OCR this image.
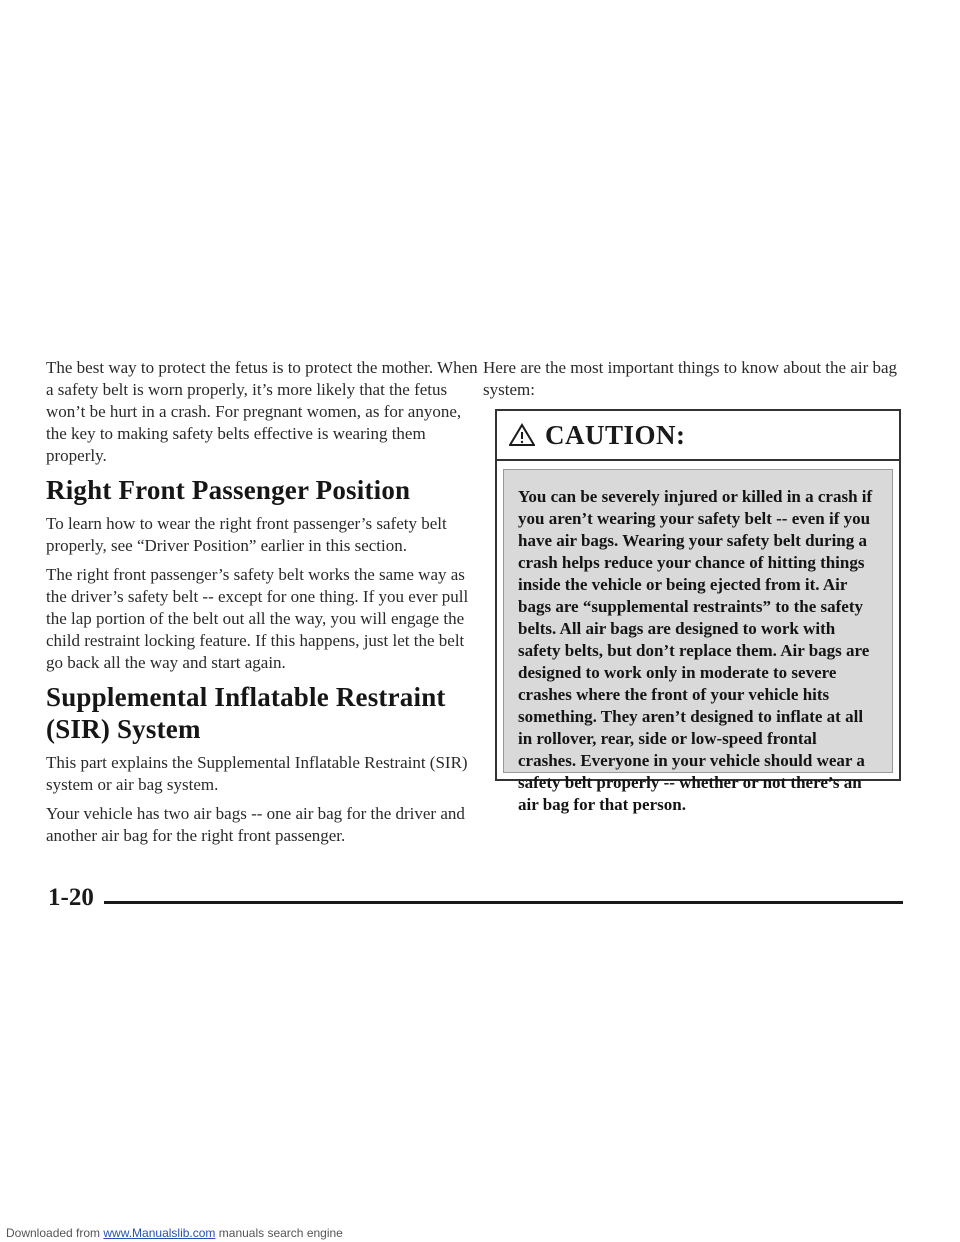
The best way to protect the fetus is to protect the mother. When a safety belt is worn properly, it’s more likely that the fetus won’t be hurt in a crash. For pregnant women, as for anyone, the key to making safety belts effective is wearing them properly.

Right Front Passenger Position

To learn how to wear the right front passenger’s safety belt properly, see “Driver Position” earlier in this section.

The right front passenger’s safety belt works the same way as the driver’s safety belt -- except for one thing. If you ever pull the lap portion of the belt out all the way, you will engage the child restraint locking feature. If this happens, just let the belt go back all the way and start again.

Supplemental Inflatable Restraint (SIR) System

This part explains the Supplemental Inflatable Restraint (SIR) system or air bag system.

Your vehicle has two air bags -- one air bag for the driver and another air bag for the right front passenger.

Here are the most important things to know about the air bag system:

CAUTION:
You can be severely injured or killed in a crash if you aren’t wearing your safety belt -- even if you have air bags. Wearing your safety belt during a crash helps reduce your chance of hitting things inside the vehicle or being ejected from it. Air bags are “supplemental restraints” to the safety belts. All air bags are designed to work with safety belts, but don’t replace them. Air bags are designed to work only in moderate to severe crashes where the front of your vehicle hits something. They aren’t designed to inflate at all in rollover, rear, side or low-speed frontal crashes. Everyone in your vehicle should wear a safety belt properly -- whether or not there’s an air bag for that person.
1-20
Downloaded from www.Manualslib.com manuals search engine
